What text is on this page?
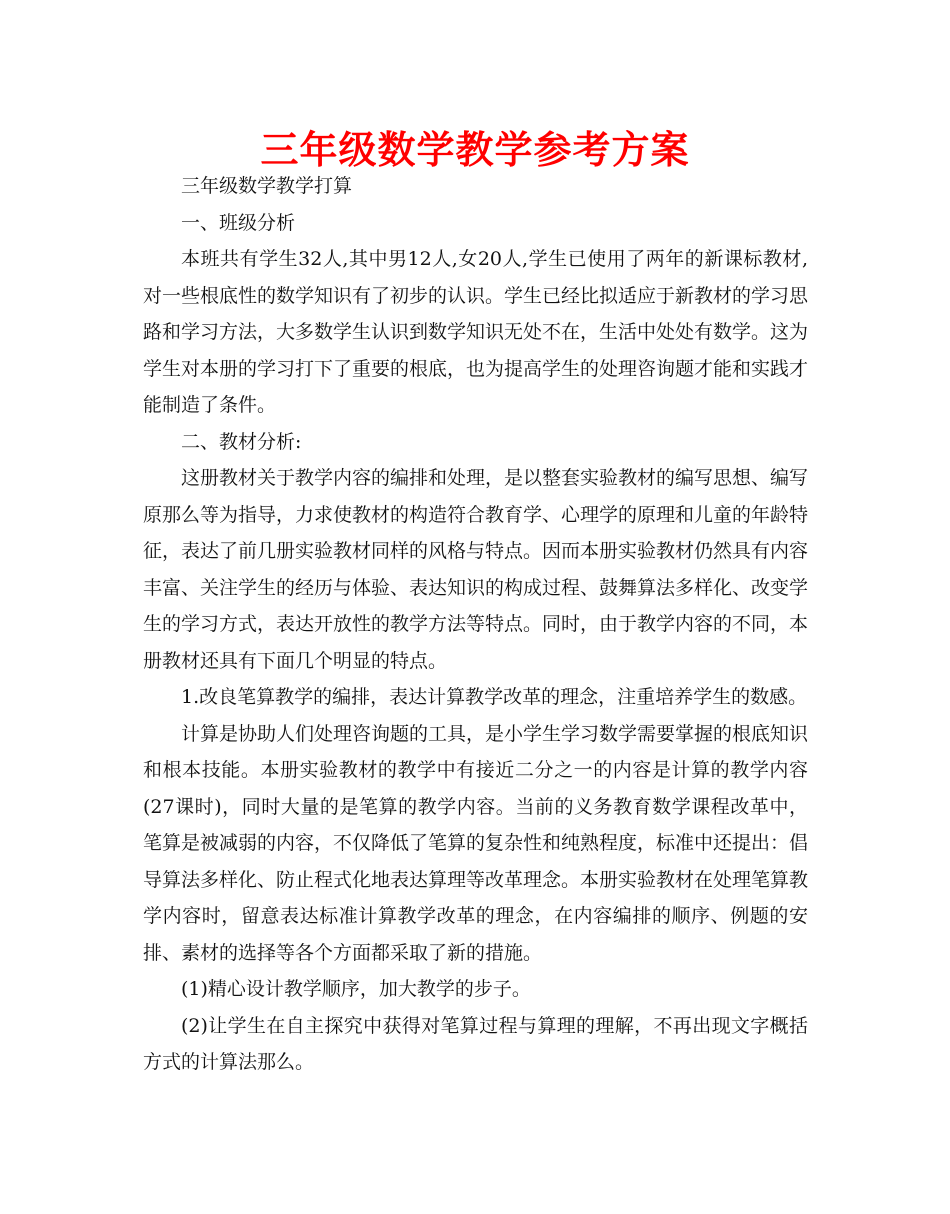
三年级数学教学参考方案

三年级数学教学打算

一、班级分析

本班共有学生32人,其中男12人,女20人,学生已使用了两年的新课标教材,对一些根底性的数学知识有了初步的认识。学生已经比拟适应于新教材的学习思路和学习方法，大多数学生认识到数学知识无处不在，生活中处处有数学。这为学生对本册的学习打下了重要的根底，也为提高学生的处理咨询题才能和实践才能制造了条件。

二、教材分析:

这册教材关于教学内容的编排和处理，是以整套实验教材的编写思想、编写原那么等为指导，力求使教材的构造符合教育学、心理学的原理和儿童的年龄特征，表达了前几册实验教材同样的风格与特点。因而本册实验教材仍然具有内容丰富、关注学生的经历与体验、表达知识的构成过程、鼓舞算法多样化、改变学生的学习方式，表达开放性的教学方法等特点。同时，由于教学内容的不同，本册教材还具有下面几个明显的特点。

1.改良笔算教学的编排，表达计算教学改革的理念，注重培养学生的数感。

计算是协助人们处理咨询题的工具，是小学生学习数学需要掌握的根底知识和根本技能。本册实验教材的教学中有接近二分之一的内容是计算的教学内容(27课时)，同时大量的是笔算的教学内容。当前的义务教育数学课程改革中，笔算是被减弱的内容，不仅降低了笔算的复杂性和纯熟程度，标准中还提出：倡导算法多样化、防止程式化地表达算理等改革理念。本册实验教材在处理笔算教学内容时，留意表达标准计算教学改革的理念，在内容编排的顺序、例题的安排、素材的选择等各个方面都采取了新的措施。

(1)精心设计教学顺序，加大教学的步子。

(2)让学生在自主探究中获得对笔算过程与算理的理解，不再出现文字概括方式的计算法那么。
